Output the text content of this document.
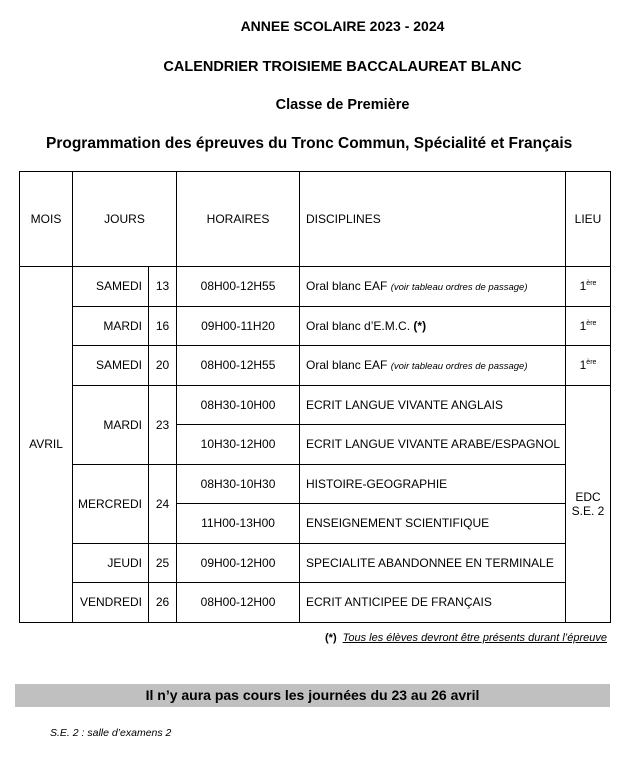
ANNEE SCOLAIRE 2023 - 2024
CALENDRIER TROISIEME BACCALAUREAT BLANC
Classe de Première
Programmation des épreuves du Tronc Commun, Spécialité et Français
MOIS	JOURS		HORAIRES	DISCIPLINES	LIEU	
AVRIL	SAMEDI	13	08H00-12H55	Oral blanc EAF (voir tableau ordres de passage)	1ère
	MARDI	16	09H00-11H20	Oral blanc d’E.M.C. (*)	1ère
	SAMEDI	20	08H00-12H55	Oral blanc EAF (voir tableau ordres de passage)	1ère
	MARDI	23	08H30-10H00	ECRIT LANGUE VIVANTE ANGLAIS	EDC
S.E. 2	

			10H30-12H00	ECRIT LANGUE VIVANTE ARABE/ESPAGNOL		
	MERCREDI	24	08H30-10H30	HISTOIRE-GEOGRAPHIE		
			11H00-13H00	ENSEIGNEMENT SCIENTIFIQUE		
	JEUDI	25	09H00-12H00	SPECIALITE ABANDONNEE EN TERMINALE		
	VENDREDI	26	08H00-12H00	ECRIT ANTICIPEE DE FRANÇAIS		
(*) Tous les élèves devront être présents durant l’épreuve
Il n’y aura pas cours les journées du 23 au 26 avril
S.E. 2 : salle d’examens 2
